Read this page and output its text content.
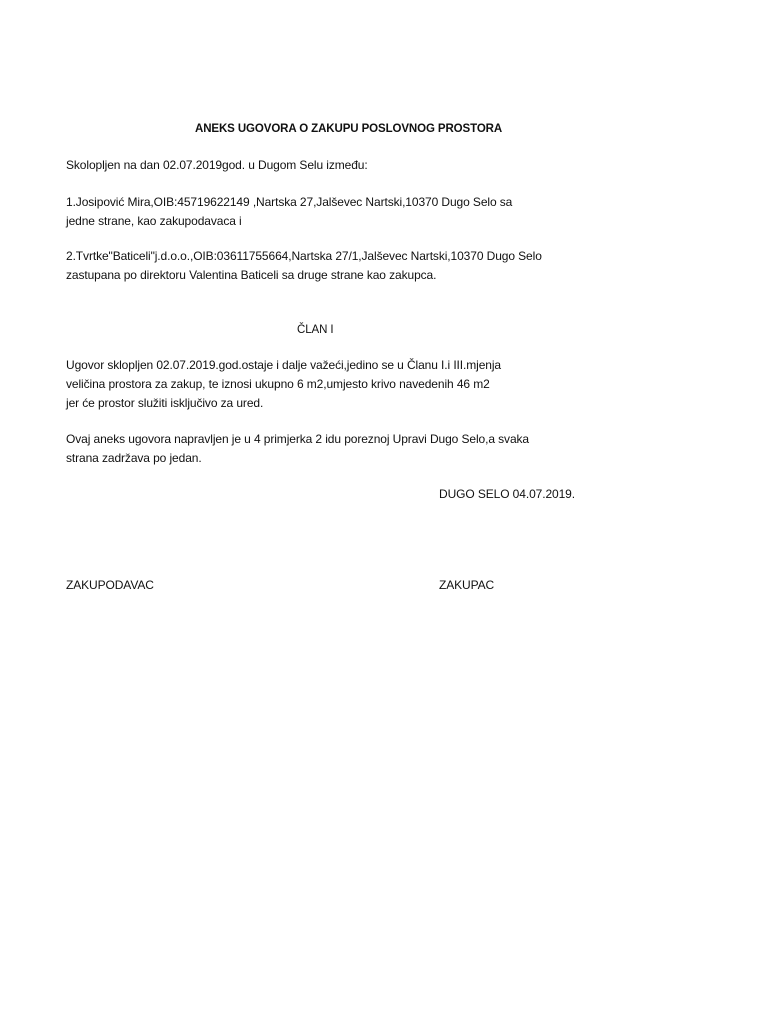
ANEKS UGOVORA O ZAKUPU POSLOVNOG PROSTORA
Skolopljen na dan 02.07.2019god. u Dugom Selu između:
1.Josipović Mira,OIB:45719622149 ,Nartska 27,Jalševec Nartski,10370 Dugo Selo sa
jedne strane, kao zakupodavaca i
2.Tvrtke"Baticeli"j.d.o.o.,OIB:03611755664,Nartska 27/1,Jalševec Nartski,10370 Dugo Selo
zastupana po direktoru Valentina Baticeli sa druge strane kao zakupca.
ČLAN I
Ugovor sklopljen 02.07.2019.god.ostaje i dalje važeći,jedino se u Članu I.i III.mjenja
veličina prostora za zakup, te iznosi ukupno 6 m2,umjesto krivo navedenih 46 m2
jer će prostor služiti isključivo za ured.
Ovaj aneks ugovora napravljen je u 4 primjerka 2 idu poreznoj Upravi Dugo Selo,a svaka
strana zadržava po jedan.
DUGO SELO 04.07.2019.
ZAKUPODAVAC	ZAKUPAC
